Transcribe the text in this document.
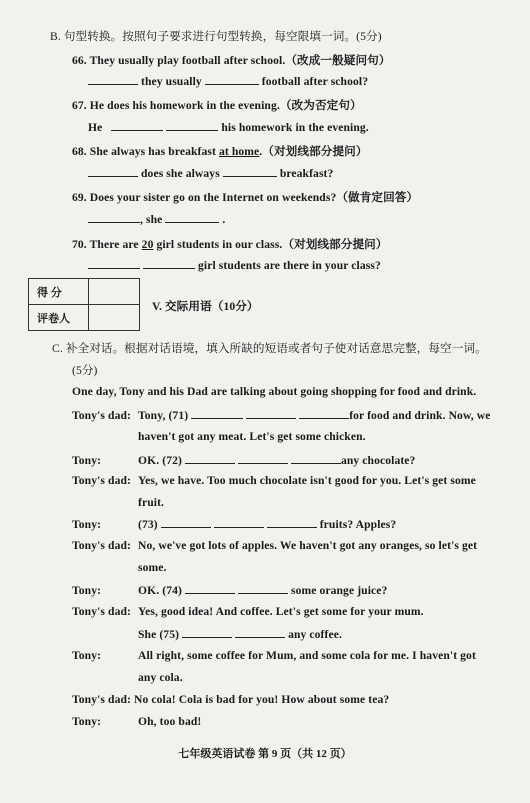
B. 句型转换。按照句子要求进行句型转换，每空限填一词。(5分)
66. They usually play football after school.（改成一般疑问句）
they usually	football after school?
67. He does his homework in the evening.（改为否定句）
He	his homework in the evening.
68. She always has breakfast at home.（对划线部分提问）
does she always	breakfast?
69. Does your sister go on the Internet on weekends?（做肯定回答）
, she	.
70. There are 20 girl students in our class.（对划线部分提问）
girl students are there in your class?
得 分	
评卷人	
V. 交际用语（10分）
C. 补全对话。根据对话语境，填入所缺的短语或者句子使对话意思完整，每空一词。
(5分)
One day, Tony and his Dad are talking about going shopping for food and drink.
Tony's dad: Tony, (71)	for food and drink. Now, we
haven't got any meat. Let's get some chicken.
Tony:	OK. (72)	any chocolate?
Tony's dad: Yes, we have. Too much chocolate isn't good for you. Let's get some
fruit.
Tony:	(73)	fruits? Apples?
Tony's dad: No, we've got lots of apples. We haven't got any oranges, so let's get
some.
Tony:	OK. (74)	some orange juice?
Tony's dad: Yes, good idea! And coffee. Let's get some for your mum.
She (75)	any coffee.
Tony:	All right, some coffee for Mum, and some cola for me. I haven't got
any cola.
Tony's dad: No cola! Cola is bad for you! How about some tea?
Tony:	Oh, too bad!
七年级英语试卷 第 9 页（共 12 页）
